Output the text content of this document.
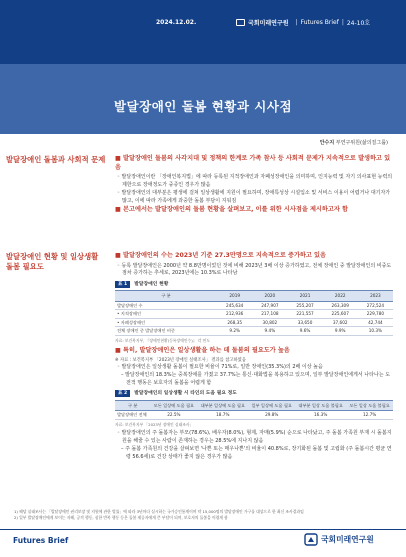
2024.12.02.	국회미래연구원 | Futures Brief | 24-10호
발달장애인 돌봄 현황과 시사점
안수지 부연구위원(삶의질그룹)
발달장애인 돌봄과 사회적 문제 ■ 발달장애인 돌봄의 사각지대 및 정책의 한계로 가족 참사 등 사회적 문제가 지속적으로 발생하고 있음
◦ 발달장애인이란 「장애인복지법」에 따라 등록된 지적장애인과 자폐성장애인을 의미하며, 인지능력 및 자기 의사표현 능력의 제한으로 장애정도가 중증인 경우가 많음
◦ 발달장애인의 대부분은 평생에 걸쳐 일상생활에 지원이 필요하며, 장애특성상 시설입소 및 서비스 이용이 어렵거나 대기자가 많고, 이에 따라 가족에게 과중한 돌봄 부담이 지워짐
■ 본고에서는 발달장애인의 돌봄 현황을 살펴보고, 이를 위한 시사점을 제시하고자 함
발달장애인 현황 및 일상생활 돌봄 필요도
■ 발달장애인의 수는 2023년 기준 27.3만명으로 지속적으로 증가하고 있음
◦ 등록 발달장애인은 2000년 약 8.8만명이었던 것에 비해 2023년 3배 이상 증가하였고, 전체 장애인 중 발달장애인의 비중도 점차 증가하는 추세로, 2023년에는 10.3%로 나타남
표 1	발달장애인 현황
구 분	2019	2020	2021	2022	2023
발달장애인 수	245,634	247,907	255,207	263,309	272,524
• 지적장애인	212,936	217,108	221,557	225,607	229,780
• 자폐성장애인	268,35	30,802	33,650	37,602	42,744
전체 장애인 중 발달장애인 비중	9.2%	9.4%	9.6%	9.9%	10.3%
자료: 보건복지부, 『장애인현황(등록장애인수)』 각 연도
■ 특히, 발달장애인은 일상생활을 하는 데 돌봄의 필요도가 높음
※ 자료 : 보건복지부 「2023년 장애인 실태조사」 결과를 참고하였음
◦ 발달장애인은 일상생활 돌봄이 필요한 비율이 71%로, 일반 장애인(35.3%)의 2배 이상 높음
– 발달장애인의 18.3%는 중복장애를 가졌고 37.7%는 통신·대화법을 복용하고 있으며, 일부 발달장애인에게서 나타나는 도전적 행동은 보호자의 돌봄을 어렵게 함
표 2	발달장애인의 일상생활 시 타인의 도움 필요 정도
구 분	모든 일상에 도움 필요	대부분 일상에 도움 필요	일부 일상에 도움 필요	대부분 일상 도움 불필요	모든 일상 도움 불필요
발달장애인 전체	22.5%	18.7%	29.8%	16.3%	12.7%
자료: 보건복지부 「2023년 장애인 실태조사」
◦ 발달장애인의 주 돌봄자는 부모(78.6%), 배우자(8.0%), 형제, 자매(5.9%) 순으로 나타났고, 주 돌봄 가족원 부재 시 돌봄지원을 해줄 수 있는 사람이 존재하는 경우는 28.5%에 지나지 않음
– 주 돌봄 가족원의 건강을 살펴보면 '나쁜 또는 매우나쁜'의 비율이 40.8%로, 장기화된 돌봄 및 고립화 (주 돌봄시간 평균 연령 56.6세)로 건강 상태가 좋지 않은 경우가 많음
1) 해당 실태조사는 「발달장애인 권리보장 및 지원에 관한 법률」에 따라 3년마다 실시하는 국가승인통계이며 약 15,000명의 발달장애인 가구를 대상으로 한 최신 조사결과임
2) 일부 발달장애인에게 보이는 자해, 공격 행동, 심한 반복 행동 등은 돌봄 제공자에게 큰 부담이 되며, 보호자의 돌봄을 어렵게 함
Futures Brief	국회미래연구원
